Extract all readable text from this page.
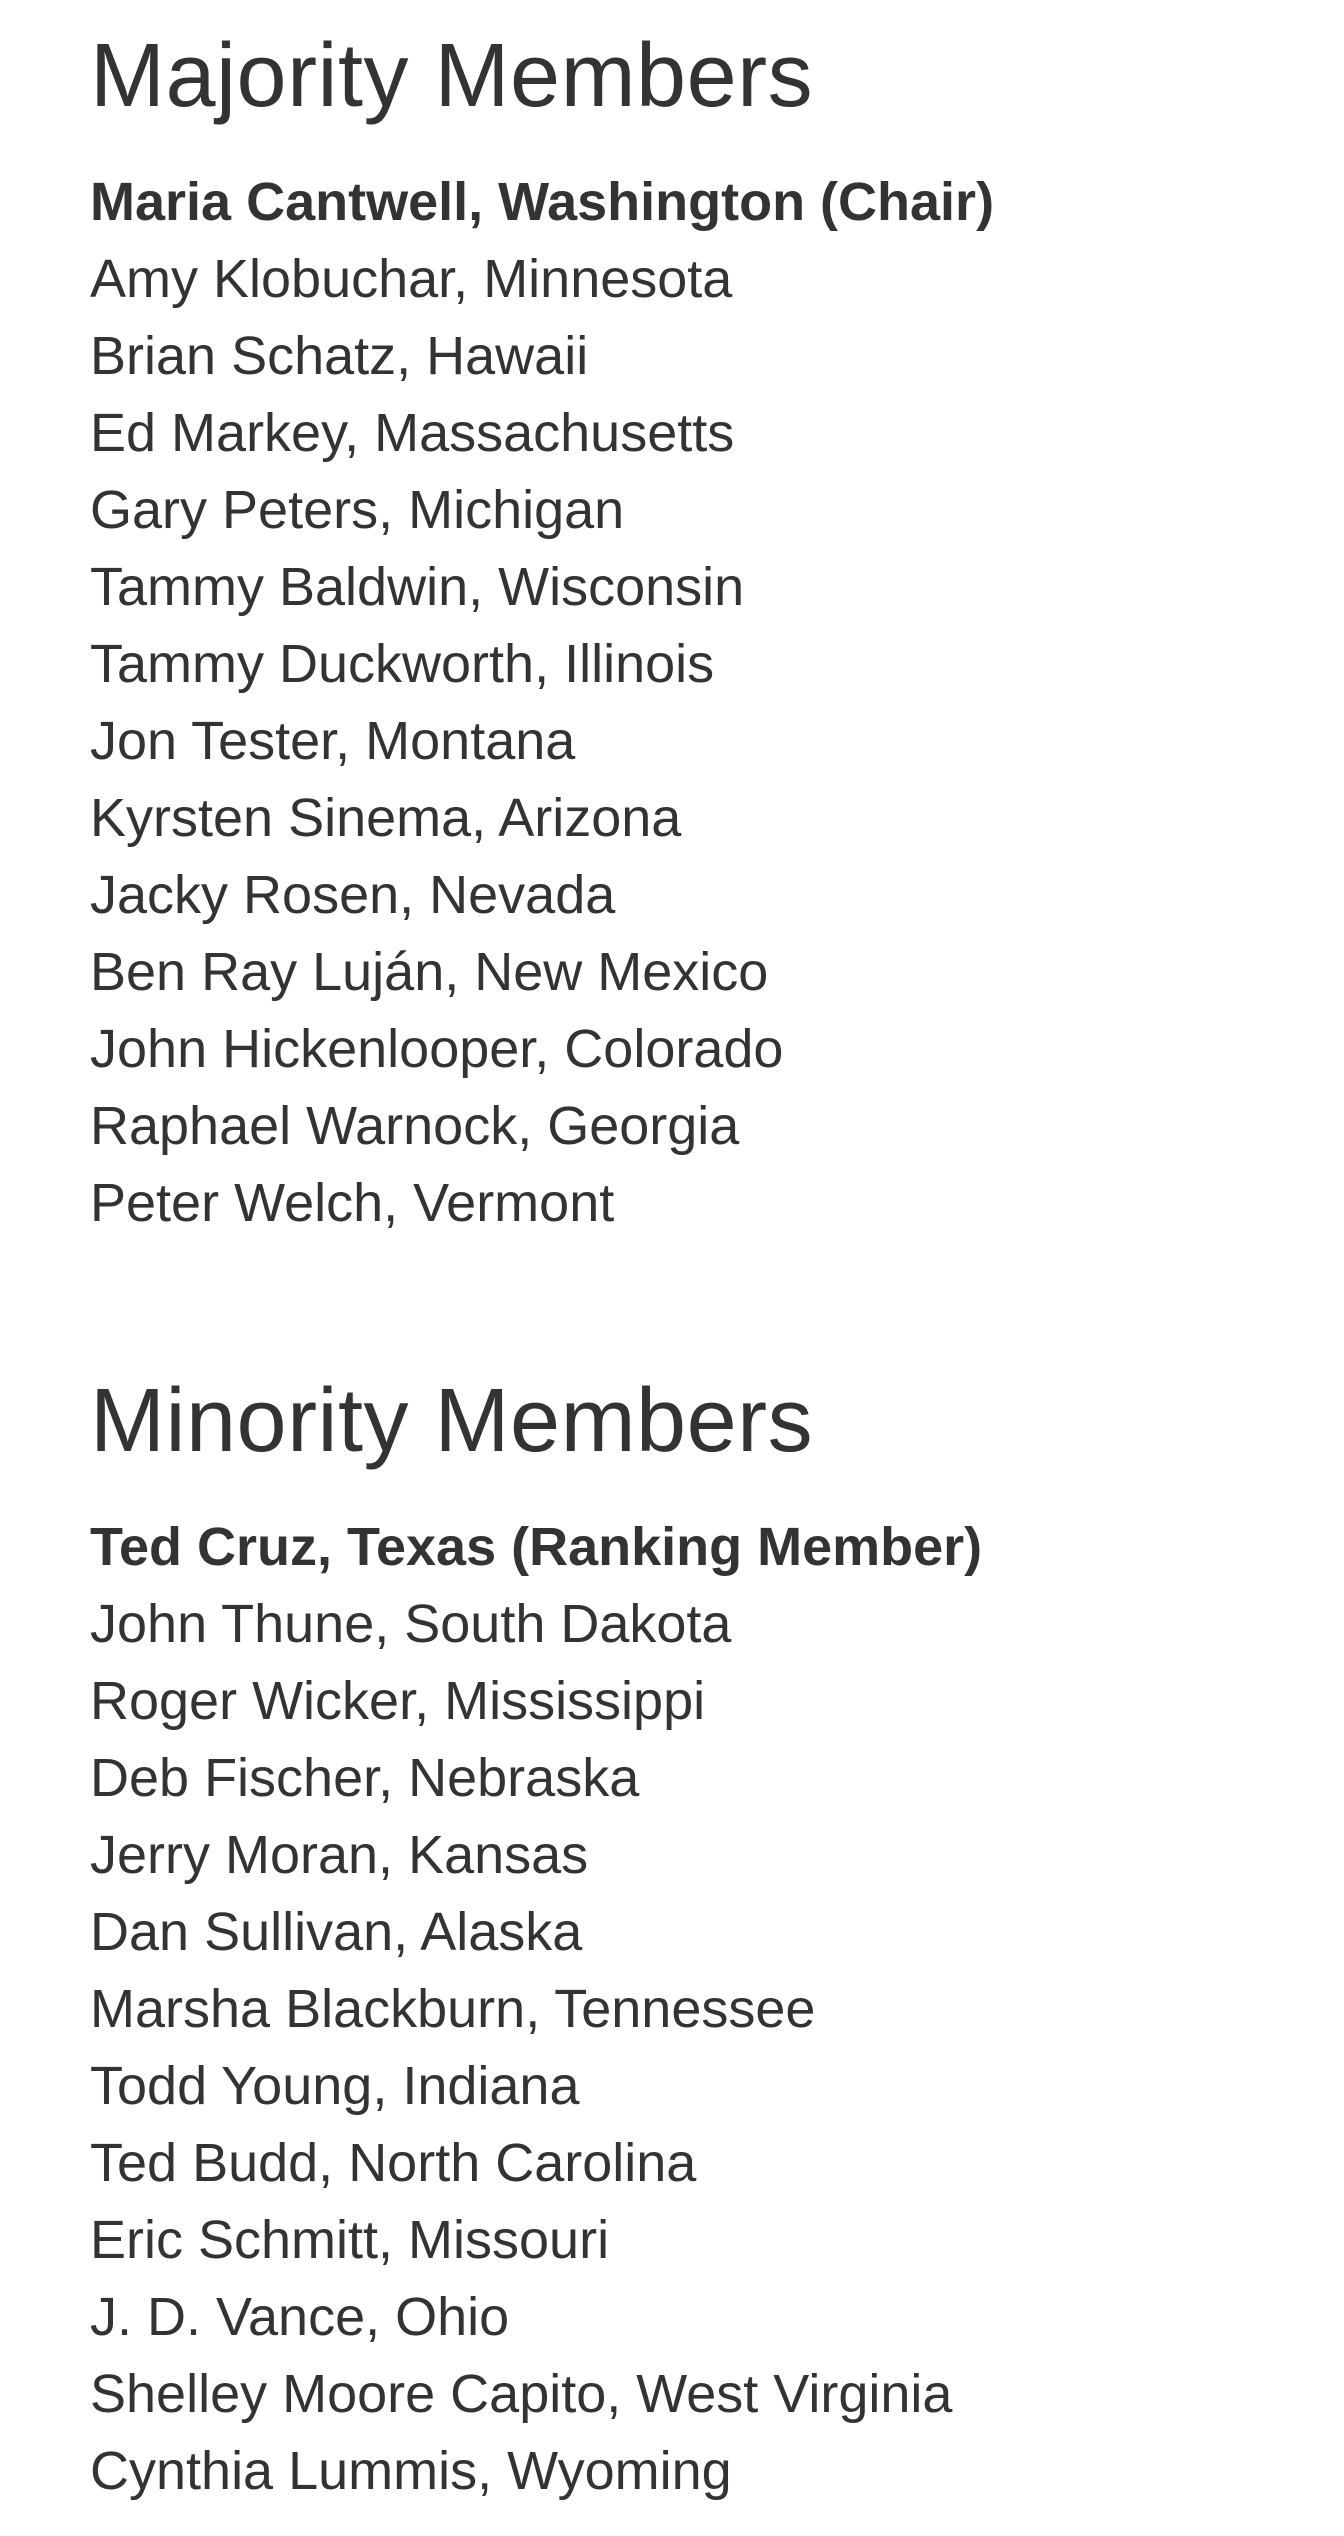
Majority Members
Maria Cantwell, Washington (Chair)
Amy Klobuchar, Minnesota
Brian Schatz, Hawaii
Ed Markey, Massachusetts
Gary Peters, Michigan
Tammy Baldwin, Wisconsin
Tammy Duckworth, Illinois
Jon Tester, Montana
Kyrsten Sinema, Arizona
Jacky Rosen, Nevada
Ben Ray Luján, New Mexico
John Hickenlooper, Colorado
Raphael Warnock, Georgia
Peter Welch, Vermont
Minority Members
Ted Cruz, Texas (Ranking Member)
John Thune, South Dakota
Roger Wicker, Mississippi
Deb Fischer, Nebraska
Jerry Moran, Kansas
Dan Sullivan, Alaska
Marsha Blackburn, Tennessee
Todd Young, Indiana
Ted Budd, North Carolina
Eric Schmitt, Missouri
J. D. Vance, Ohio
Shelley Moore Capito, West Virginia
Cynthia Lummis, Wyoming
